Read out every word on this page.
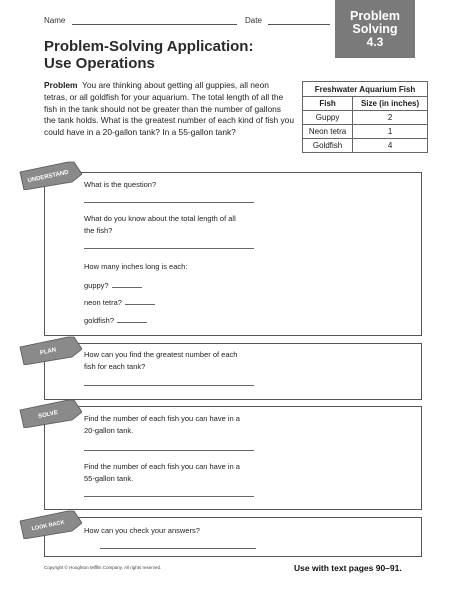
Name	Date	Problem
Solving
4.3
Problem-Solving Application:
Use Operations
Problem You are thinking about getting all guppies, all neon tetras, or all goldfish for your aquarium. The total length of all the fish in the tank should not be greater than the number of gallons the tank holds. What is the greatest number of each kind of fish you could have in a 20-gallon tank? In a 55-gallon tank?
Freshwater Aquarium Fish	
Fish	Size (in inches)
Guppy	2
Neon tetra	1
Goldfish	4
UNDERSTAND
What is the question?
What do you know about the total length of all
the fish?
How many inches long is each:
guppy?
neon tetra?
goldfish?
PLAN	How can you find the greatest number of each
fish for each tank?
SOLVE	Find the number of each fish you can have in a
20-gallon tank.
Find the number of each fish you can have in a
55-gallon tank.
LOOK BACK	How can you check your answers?
Copyright © Houghton Mifflin Company. All rights reserved.	Use with text pages 90–91.
